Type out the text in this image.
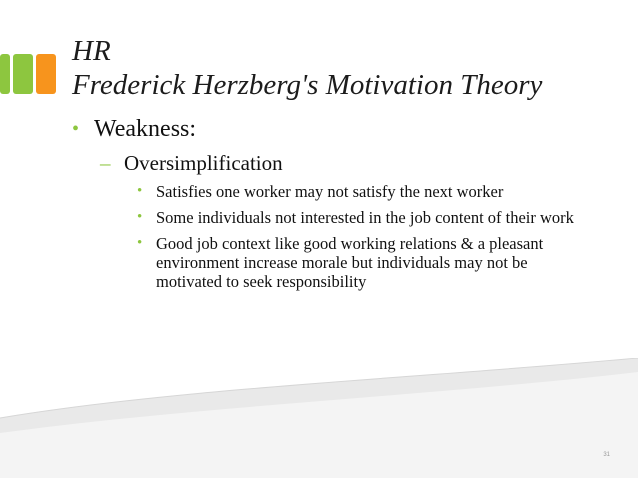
HR
Frederick Herzberg's Motivation Theory
• Weakness:
– Oversimplification
• Satisfies one worker may not satisfy the next worker
• Some individuals not interested in the job content of their work
• Good job context like good working relations & a pleasant environment increase morale but individuals may not be motivated to seek responsibility
31
